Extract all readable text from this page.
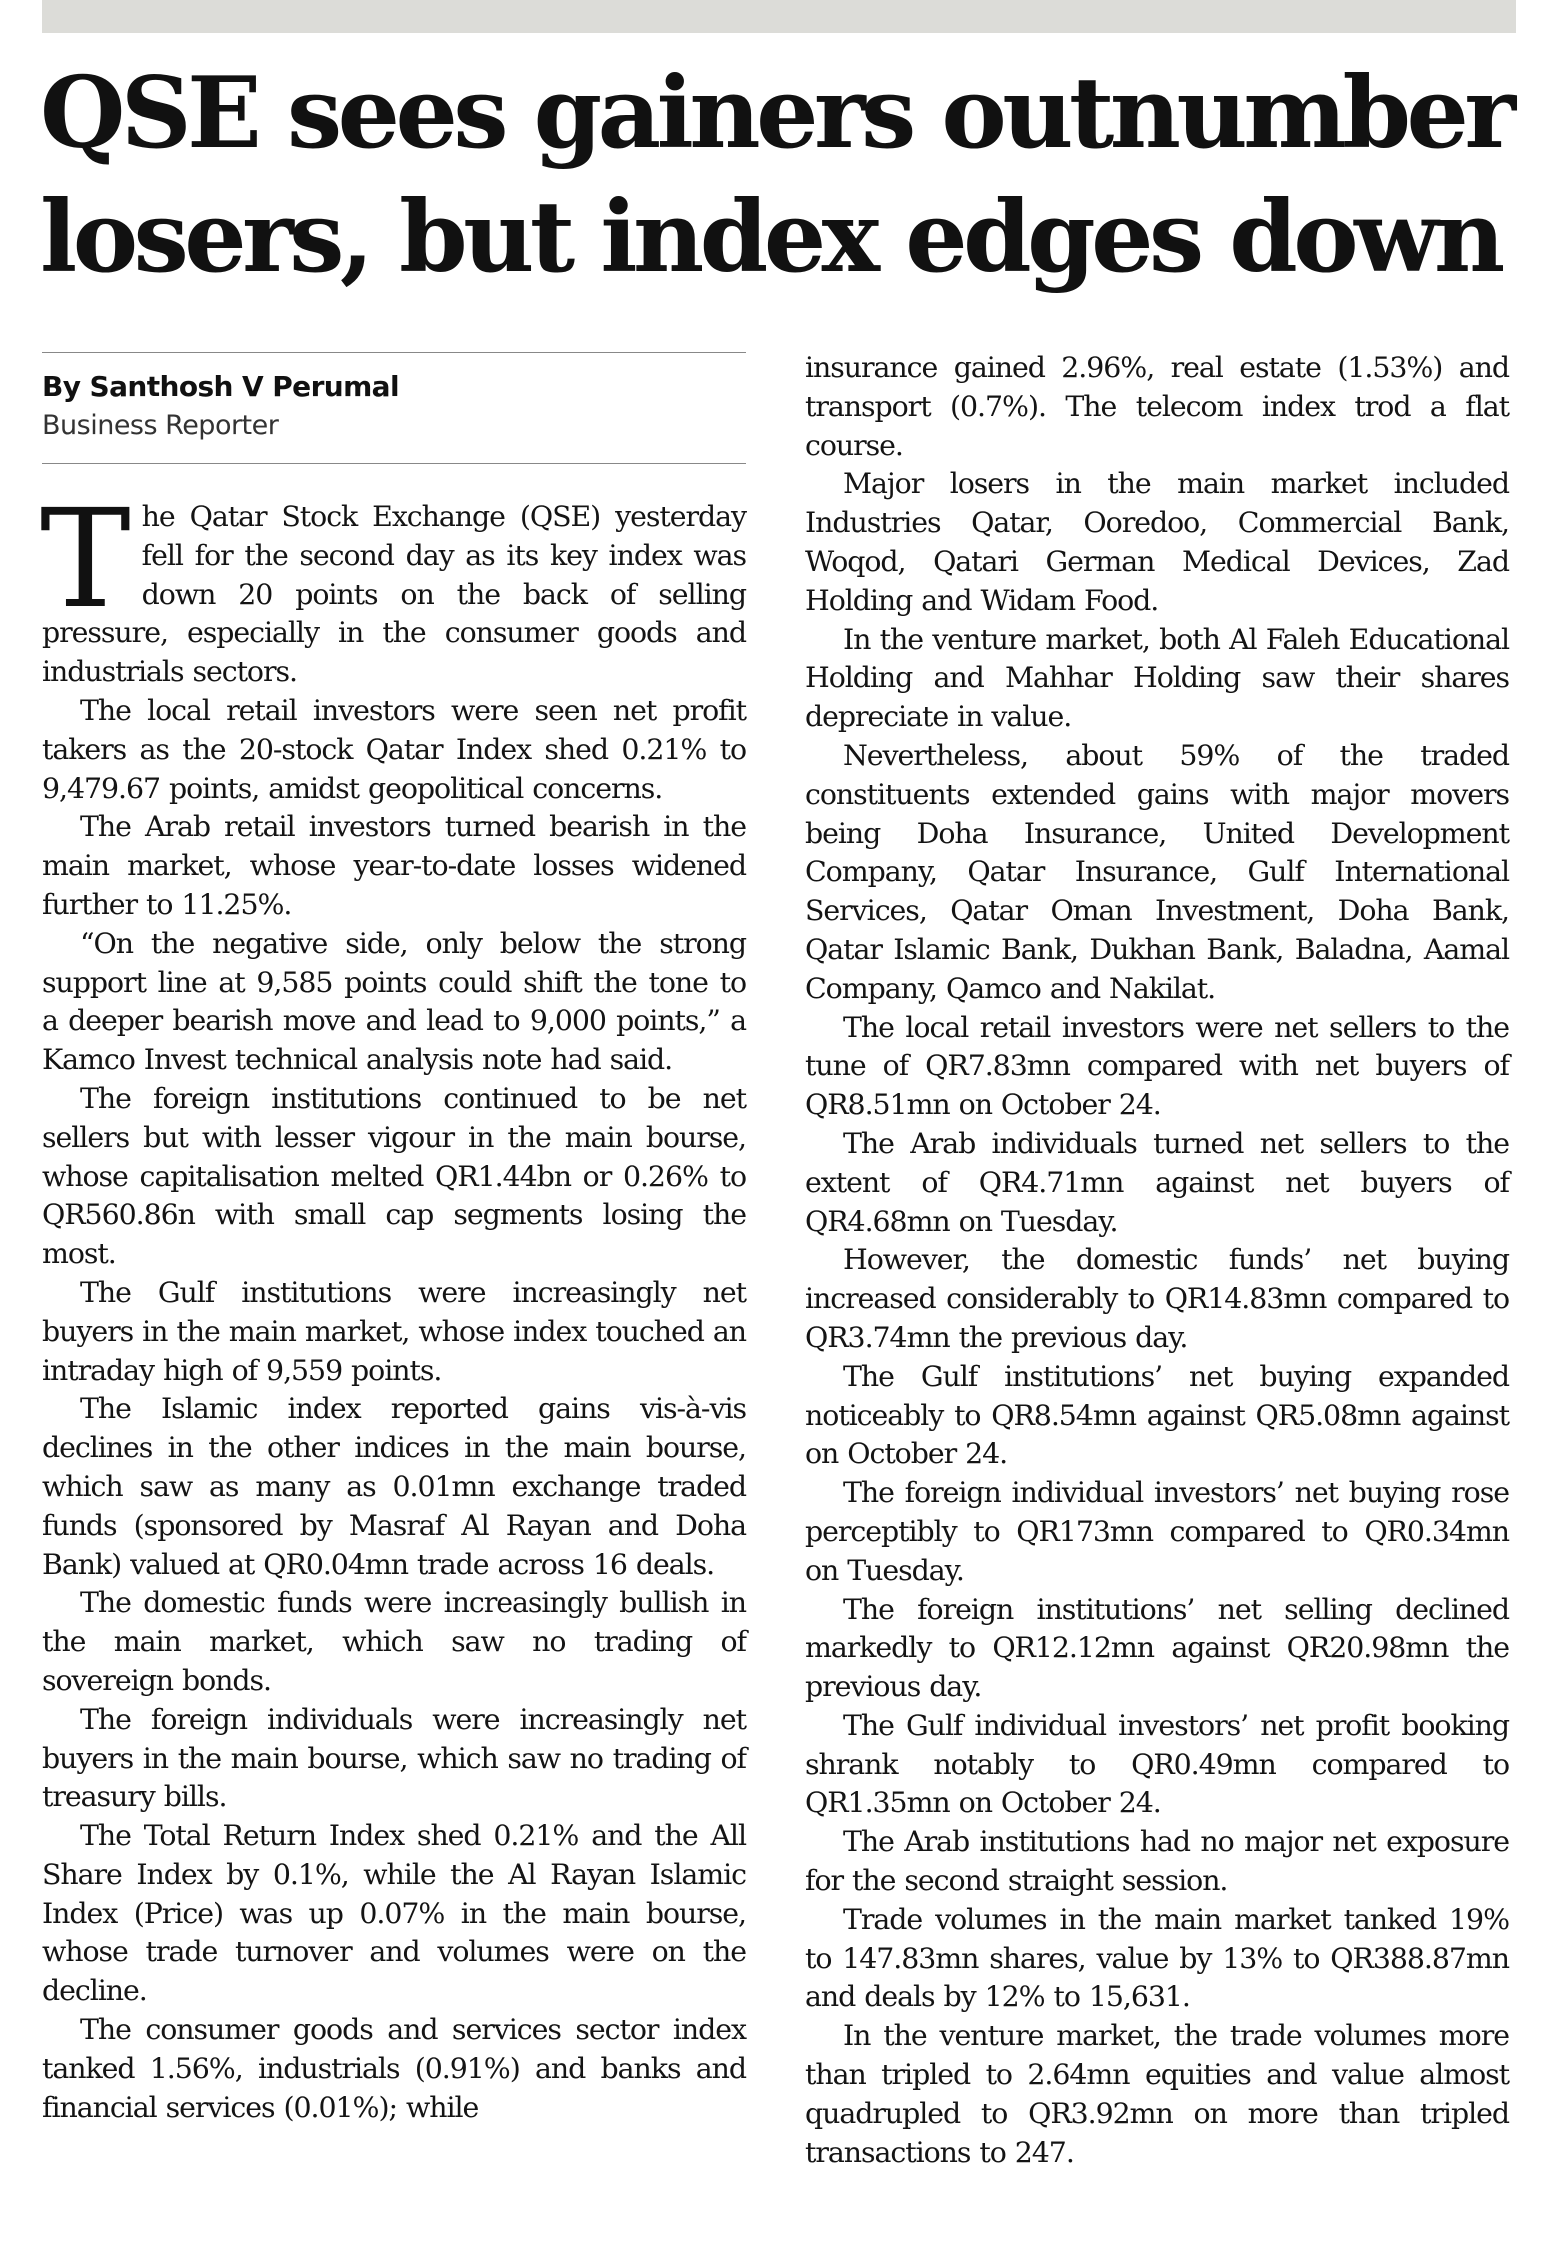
QSE sees gainers outnumber
losers, but index edges down
By Santhosh V Perumal
Business Reporter

The Qatar Stock Exchange (QSE) yesterday fell for the second day as its key index was down 20 points on the back of selling pressure, especially in the consumer goods and industrials sectors.

The local retail investors were seen net profit takers as the 20-stock Qatar Index shed 0.21% to 9,479.67 points, amidst geopolitical concerns.

The Arab retail investors turned bearish in the main market, whose year-to-date losses widened further to 11.25%.

“On the negative side, only below the strong support line at 9,585 points could shift the tone to a deeper bearish move and lead to 9,000 points,” a Kamco Invest technical analysis note had said.

The foreign institutions continued to be net sellers but with lesser vigour in the main bourse, whose capitalisation melted QR1.44bn or 0.26% to QR560.86n with small cap segments losing the most.

The Gulf institutions were increasingly net buyers in the main market, whose index touched an intraday high of 9,559 points.

The Islamic index reported gains vis-à-vis declines in the other indices in the main bourse, which saw as many as 0.01mn exchange traded funds (sponsored by Masraf Al Rayan and Doha Bank) valued at QR0.04mn trade across 16 deals.

The domestic funds were increasingly bullish in the main market, which saw no trading of sovereign bonds.

The foreign individuals were increasingly net buyers in the main bourse, which saw no trading of treasury bills.

The Total Return Index shed 0.21% and the All Share Index by 0.1%, while the Al Rayan Islamic Index (Price) was up 0.07% in the main bourse, whose trade turnover and volumes were on the decline.

The consumer goods and services sector index tanked 1.56%, industrials (0.91%) and banks and financial services (0.01%); while

insurance gained 2.96%, real estate (1.53%) and transport (0.7%). The telecom index trod a flat course.

Major losers in the main market included Industries Qatar, Ooredoo, Commercial Bank, Woqod, Qatari German Medical Devices, Zad Holding and Widam Food.

In the venture market, both Al Faleh Educational Holding and Mahhar Holding saw their shares depreciate in value.

Nevertheless, about 59% of the traded constituents extended gains with major movers being Doha Insurance, United Development Company, Qatar Insurance, Gulf International Services, Qatar Oman Investment, Doha Bank, Qatar Islamic Bank, Dukhan Bank, Baladna, Aamal Company, Qamco and Nakilat.

The local retail investors were net sellers to the tune of QR7.83mn compared with net buyers of QR8.51mn on October 24.

The Arab individuals turned net sellers to the extent of QR4.71mn against net buyers of QR4.68mn on Tuesday.

However, the domestic funds’ net buying increased considerably to QR14.83mn compared to QR3.74mn the previous day.

The Gulf institutions’ net buying expanded noticeably to QR8.54mn against QR5.08mn against on October 24.

The foreign individual investors’ net buying rose perceptibly to QR173mn compared to QR0.34mn on Tuesday.

The foreign institutions’ net selling declined markedly to QR12.12mn against QR20.98mn the previous day.

The Gulf individual investors’ net profit booking shrank notably to QR0.49mn compared to QR1.35mn on October 24.

The Arab institutions had no major net exposure for the second straight session.

Trade volumes in the main market tanked 19% to 147.83mn shares, value by 13% to QR388.87mn and deals by 12% to 15,631.

In the venture market, the trade volumes more than tripled to 2.64mn equities and value almost quadrupled to QR3.92mn on more than tripled transactions to 247.
